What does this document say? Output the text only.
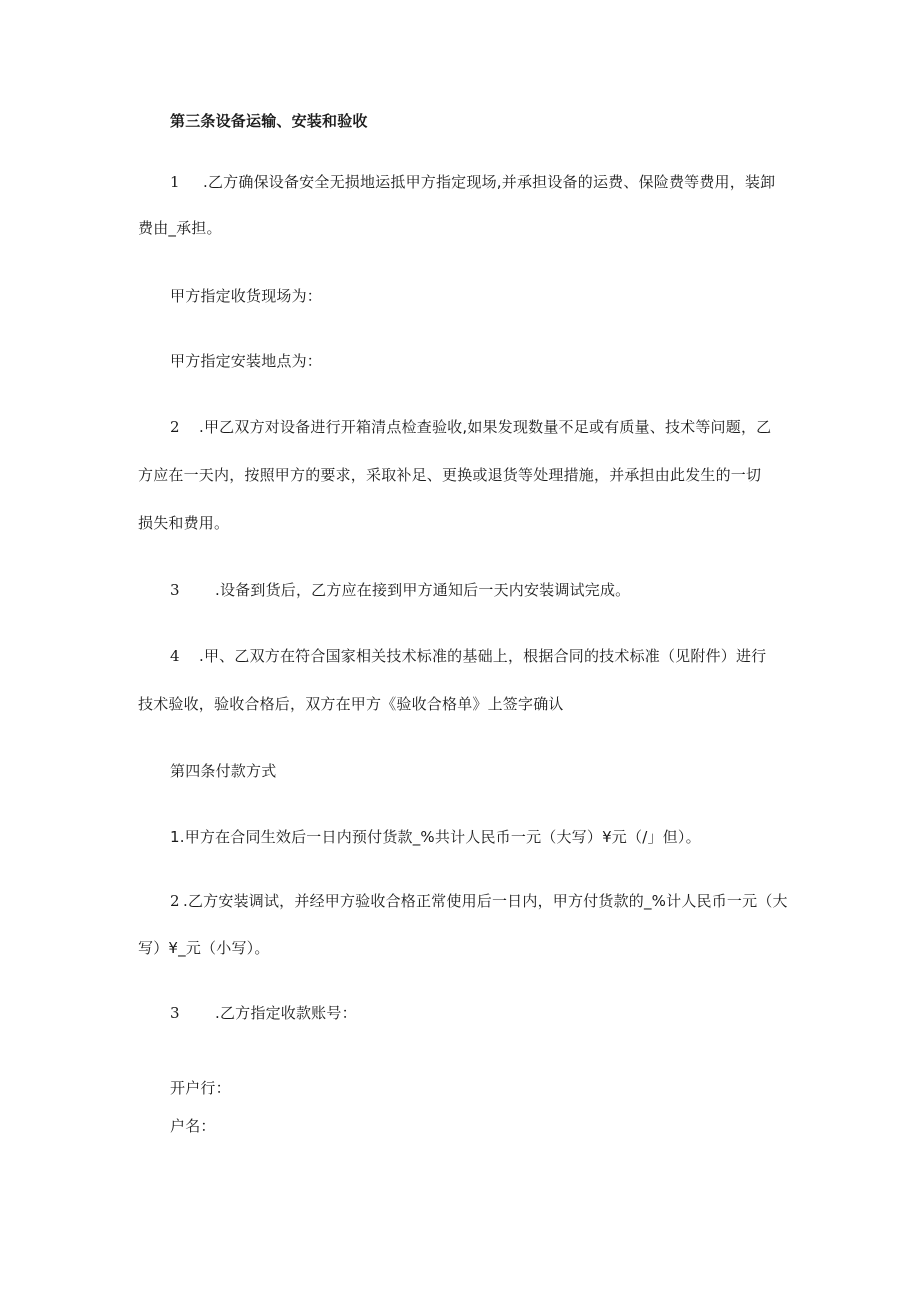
第三条设备运输、安装和验收
1 .乙方确保设备安全无损地运抵甲方指定现场,并承担设备的运费、保险费等费用，装卸
费由_承担。
甲方指定收货现场为：
甲方指定安装地点为：
2 .甲乙双方对设备进行开箱清点检查验收,如果发现数量不足或有质量、技术等问题，乙
方应在一天内，按照甲方的要求，采取补足、更换或退货等处理措施，并承担由此发生的一切
损失和费用。
3 .设备到货后，乙方应在接到甲方通知后一天内安装调试完成。
4 .甲、乙双方在符合国家相关技术标准的基础上，根据合同的技术标准（见附件）进行
技术验收，验收合格后，双方在甲方《验收合格单》上签字确认
第四条付款方式
1.甲方在合同生效后一日内预付货款_%共计人民币一元（大写）¥元（/」但）。
2 .乙方安装调试，并经甲方验收合格正常使用后一日内，甲方付货款的_%计人民币一元（大
写）¥_元（小写）。
3 .乙方指定收款账号：
开户行：
户名：
